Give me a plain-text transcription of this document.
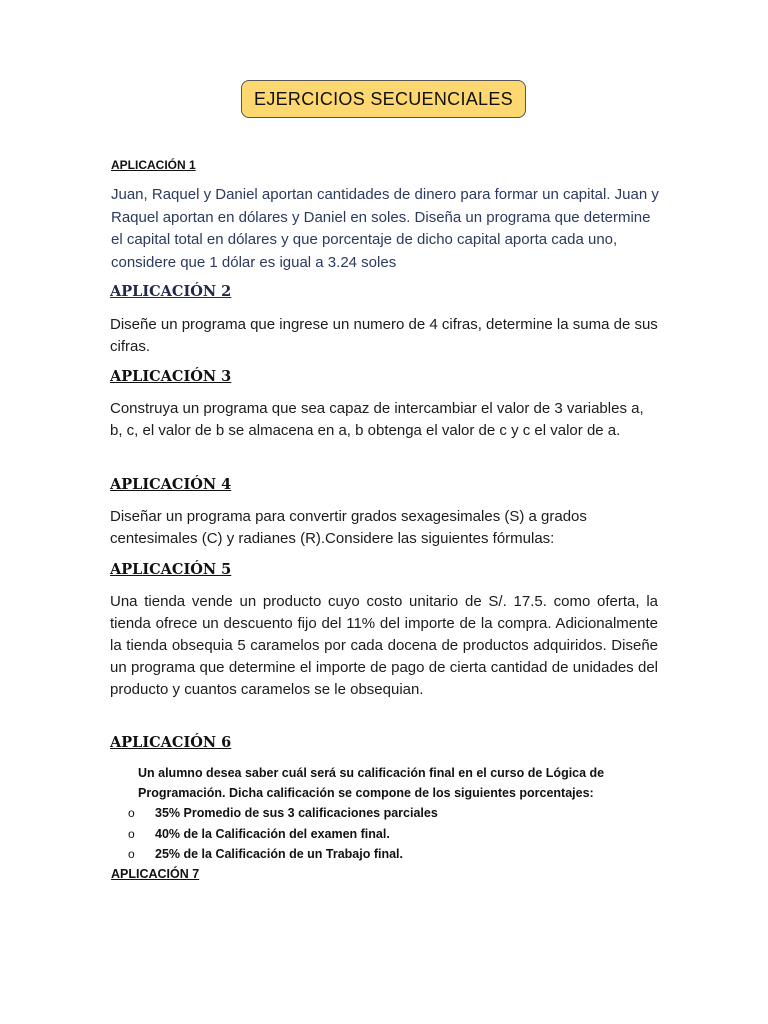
EJERCICIOS SECUENCIALES

APLICACIÓN 1

Juan, Raquel y Daniel aportan cantidades de dinero para formar un capital. Juan y Raquel aportan en dólares y Daniel en soles. Diseña un programa que determine el capital total en dólares y que porcentaje de dicho capital aporta cada uno, considere que 1 dólar es igual a 3.24 soles

APLICACIÓN 2

Diseñe un programa que ingrese un numero de 4 cifras, determine la suma de sus cifras.

APLICACIÓN 3

Construya un programa que sea capaz de intercambiar el valor de 3 variables a, b, c, el valor de b se almacena en a, b obtenga el valor de c y c el valor de a.

APLICACIÓN 4

Diseñar un programa para convertir grados sexagesimales (S) a grados centesimales (C) y radianes (R).Considere las siguientes fórmulas:

APLICACIÓN 5

Una tienda vende un producto cuyo costo unitario de S/. 17.5. como oferta, la tienda ofrece un descuento fijo del 11% del importe de la compra. Adicionalmente la tienda obsequia 5 caramelos por cada docena de productos adquiridos. Diseñe un programa que determine el importe de pago de cierta cantidad de unidades del producto y cuantos caramelos se le obsequian.

APLICACIÓN 6

Un alumno desea saber cuál será su calificación final en el curso de Lógica de Programación. Dicha calificación se compone de los siguientes porcentajes:

o	35% Promedio de sus 3 calificaciones parciales
o	40% de la Calificación del examen final.
o	25% de la Calificación de un Trabajo final.

APLICACIÓN 7
